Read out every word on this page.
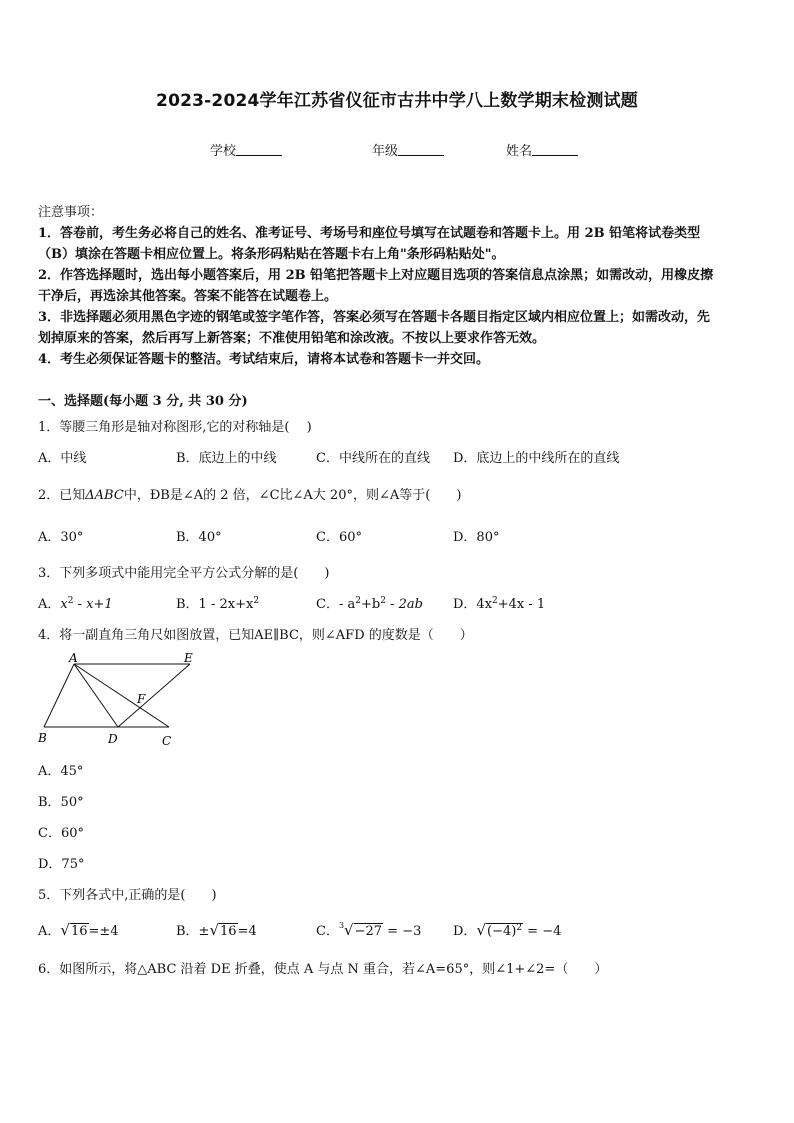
2023-2024学年江苏省仪征市古井中学八上数学期末检测试题
学校	年级	姓名

注意事项：

1．答卷前，考生务必将自己的姓名、准考证号、考场号和座位号填写在试题卷和答题卡上。用 2B 铅笔将试卷类型

（B）填涂在答题卡相应位置上。将条形码粘贴在答题卡右上角"条形码粘贴处"。

2．作答选择题时，选出每小题答案后，用 2B 铅笔把答题卡上对应题目选项的答案信息点涂黑；如需改动，用橡皮擦

干净后，再选涂其他答案。答案不能答在试题卷上。

3．非选择题必须用黑色字迹的钢笔或签字笔作答，答案必须写在答题卡各题目指定区域内相应位置上；如需改动，先

划掉原来的答案，然后再写上新答案；不准使用铅笔和涂改液。不按以上要求作答无效。

4．考生必须保证答题卡的整洁。考试结束后，请将本试卷和答题卡一并交回。

一、选择题(每小题 3 分, 共 30 分)
1．等腰三角形是轴对称图形,它的对称轴是(　 )
A．中线	B．底边上的中线	C．中线所在的直线 D．底边上的中线所在的直线
2．已知ΔABC中，ÐB是∠A的 2 倍，∠C比∠A大 20°，则∠A等于(　　)
A．30°	B．40°	C．60°	D．80°
3．下列多项式中能用完全平方公式分解的是(　　)
A．$x^2 - x+1$	B．$1 - 2x+x^2$	C．- $a^2+b^2 - 2ab$ D．$4x^2+4x - 1$
4．将一副直角三角尺如图放置，已知AE∥BC，则∠AFD 的度数是（　　）
A	E
F
B	D	C
A．45°
B．50°
C．60°
D．75°
5．下列各式中,正确的是(　　)
A．√16=±4	B．±√16=4	C．$^3$√−27 = −3 D．$√(-4)^2 = -4$
6．如图所示，将△ABC 沿着 DE 折叠，使点 A 与点 N 重合，若∠A=65°，则∠1+∠2=（　　）
